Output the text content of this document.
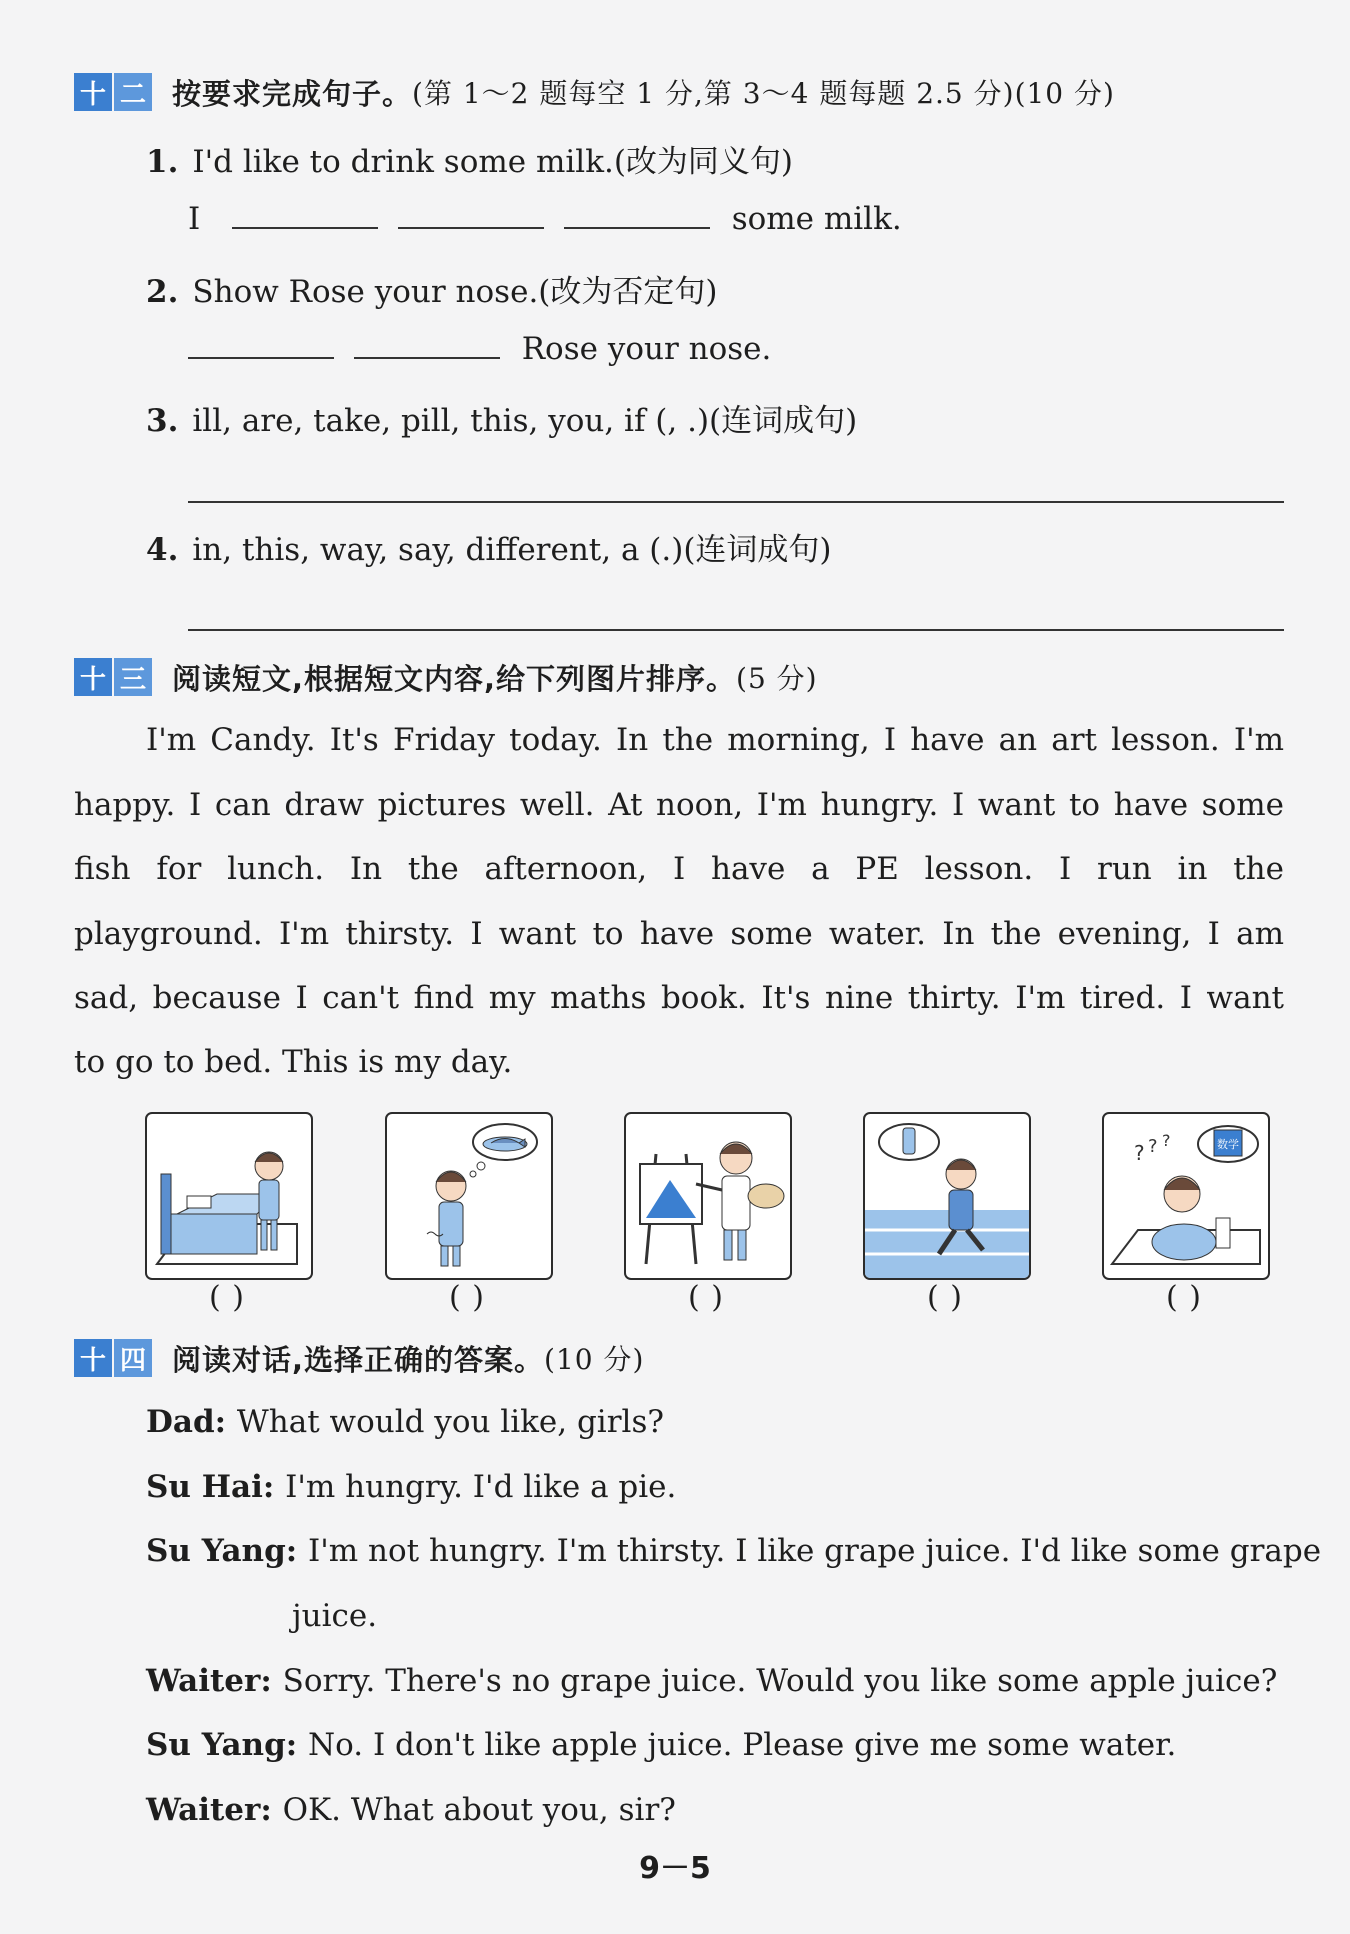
十 二 按要求完成句子。 (第 1～2 题每空 1 分,第 3～4 题每题 2.5 分)(10 分)
1. I'd like to drink some milk.(改为同义句)
I	some milk.
2. Show Rose your nose.(改为否定句)
Rose your nose.
3. ill, are, take, pill, this, you, if (, .)(连词成句)
4. in, this, way, say, different, a (.)(连词成句)
十 三 阅读短文,根据短文内容,给下列图片排序。 (5 分)
I'm Candy. It's Friday today. In the morning, I have an art lesson. I'm
happy. I can draw pictures well. At noon, I'm hungry. I want to have some
fish for lunch. In the afternoon, I have a PE lesson. I run in the
playground. I'm thirsty. I want to have some water. In the evening, I am
sad, because I can't find my maths book. It's nine thirty. I'm tired. I want
to go to bed. This is my day.
数学
? ? ?
( )	( )	( )	( )	( )
十 四 阅读对话,选择正确的答案。 (10 分)
Dad: What would you like, girls?
Su Hai: I'm hungry. I'd like a pie.
Su Yang: I'm not hungry. I'm thirsty. I like grape juice. I'd like some grape
juice.
Waiter: Sorry. There's no grape juice. Would you like some apple juice?
Su Yang: No. I don't like apple juice. Please give me some water.
Waiter: OK. What about you, sir?
9－5
